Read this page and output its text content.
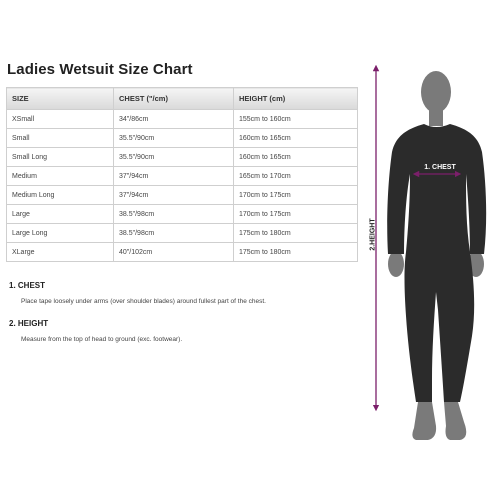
Ladies Wetsuit Size Chart
SIZE	CHEST ("/cm)	HEIGHT (cm)
XSmall	34"/86cm	155cm to 160cm
Small	35.5"/90cm	160cm to 165cm
Small Long	35.5"/90cm	160cm to 165cm
Medium	37"/94cm	165cm to 170cm
Medium Long	37"/94cm	170cm to 175cm
Large	38.5"/98cm	170cm to 175cm
Large Long	38.5"/98cm	175cm to 180cm
XLarge	40"/102cm	175cm to 180cm
1. CHEST
Place tape loosely under arms (over shoulder blades) around fullest part of the chest.
2. HEIGHT
Measure from the top of head to ground (exc. footwear).
1. CHEST
2.HEIGHT
